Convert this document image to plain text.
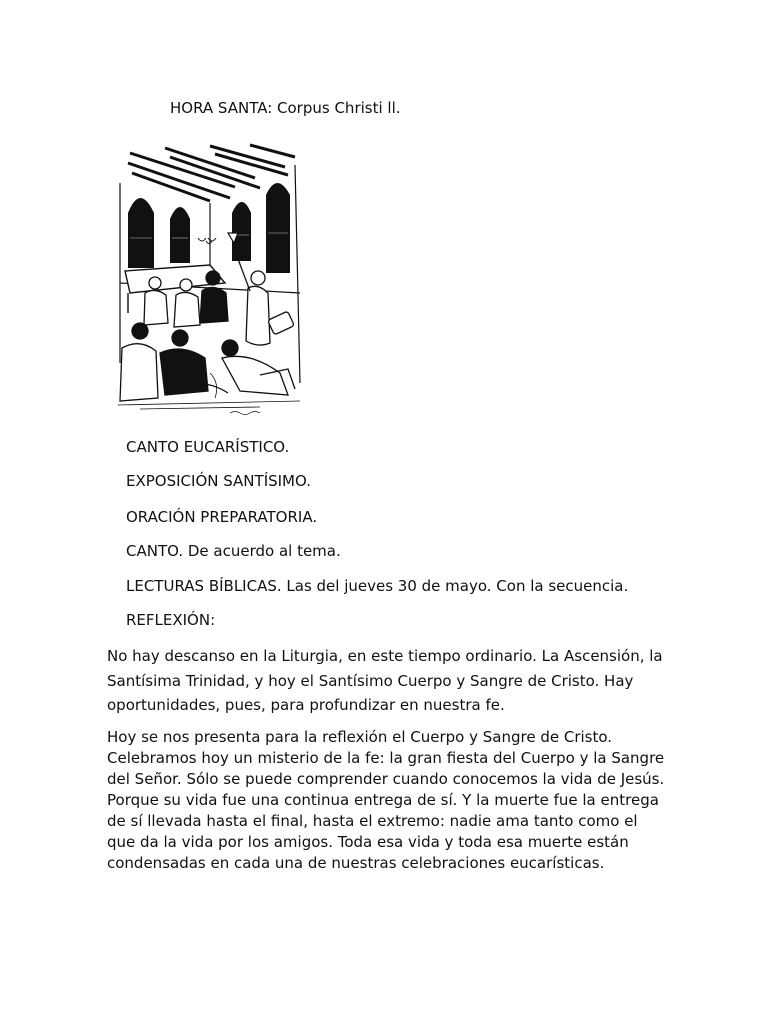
HORA SANTA: Corpus Christi ll.
CANTO EUCARÍSTICO.
EXPOSICIÓN SANTÍSIMO.
ORACIÓN PREPARATORIA.
CANTO. De acuerdo al tema.
LECTURAS BÍBLICAS. Las del jueves 30 de mayo. Con la secuencia.
REFLEXIÓN:

No hay descanso en la Liturgia, en este tiempo ordinario. La Ascensión, la Santísima Trinidad, y hoy el Santísimo Cuerpo y Sangre de Cristo. Hay oportunidades, pues, para profundizar en nuestra fe.

Hoy se nos presenta para la reflexión el Cuerpo y Sangre de Cristo. Celebramos hoy un misterio de la fe: la gran fiesta del Cuerpo y la Sangre del Señor. Sólo se puede comprender cuando conocemos la vida de Jesús. Porque su vida fue una continua entrega de sí. Y la muerte fue la entrega de sí llevada hasta el final, hasta el extremo: nadie ama tanto como el que da la vida por los amigos. Toda esa vida y toda esa muerte están condensadas en cada una de nuestras celebraciones eucarísticas.
